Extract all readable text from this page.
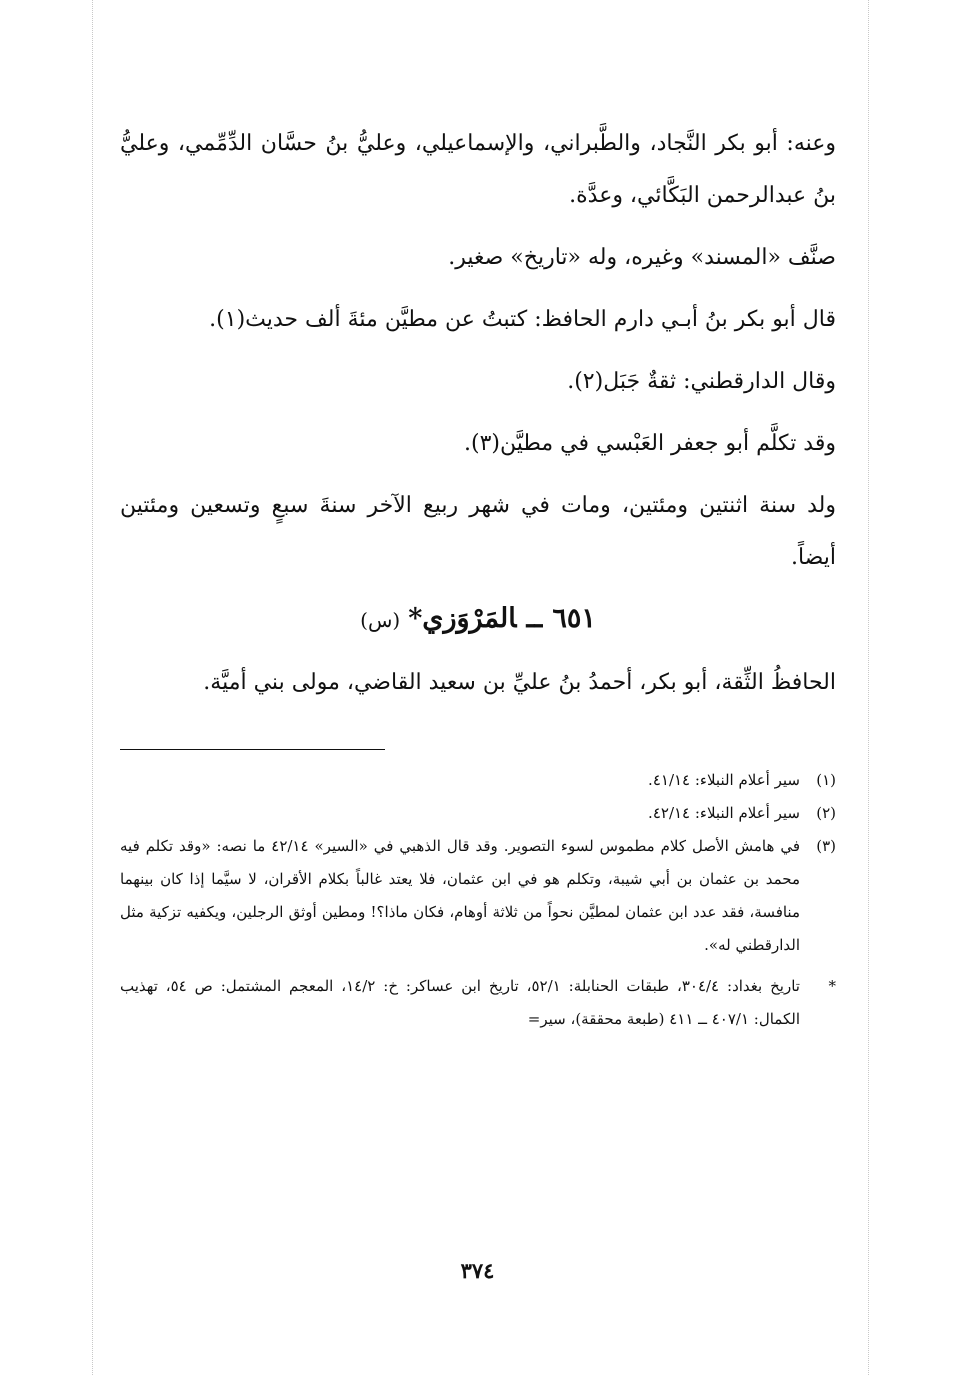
وعنه: أبو بكر النَّجاد، والطَّبراني، والإسماعيلي، وعليُّ بنُ حسَّان الدِّمِّمي، وعليُّ بنُ عبدالرحمن البَكَّائي، وعدَّة.

صنَّف «المسند» وغيره، وله «تاريخ» صغير.

قال أبو بكر بنُ أبـي دارم الحافظ: كتبتُ عن مطيَّن مئةَ ألف حديث(١).

وقال الدارقطني: ثقةٌ جَبَل(٢).

وقد تكلَّم أبو جعفر العَبْسي في مطيَّن(٣).

ولد سنة اثنتين ومئتين، ومات في شهر ربيع الآخر سنةَ سبعٍ وتسعين ومئتين أيضاً.

٦٥١ــالمَرْوَزي*(س)

الحافظُ الثِّقة، أبو بكر، أحمدُ بنُ عليِّ بن سعيد القاضي، مولى بني أميَّة.

(١)
سير أعلام النبلاء: ٤١/١٤.
(٢)
سير أعلام النبلاء: ٤٢/١٤.
(٣)
في هامش الأصل كلام مطموس لسوء التصوير. وقد قال الذهبي في «السير» ٤٢/١٤ ما نصه: «وقد تكلم فيه محمد بن عثمان بن أبي شيبة، وتكلم هو في ابن عثمان، فلا يعتد غالباً بكلام الأقران، لا سيَّما إذا كان بينهما منافسة، فقد عدد ابن عثمان لمطيَّن نحواً من ثلاثة أوهام، فكان ماذا؟! ومطين أوثق الرجلين، ويكفيه تزكية مثل الدارقطني له».
*
تاريخ بغداد: ٣٠٤/٤، طبقات الحنابلة: ٥٢/١، تاريخ ابن عساكر: خ: ١٤/٢، المعجم المشتمل: ص ٥٤، تهذيب الكمال: ٤٠٧/١ ــ ٤١١ (طبعة محققة)، سير=
٣٧٤
